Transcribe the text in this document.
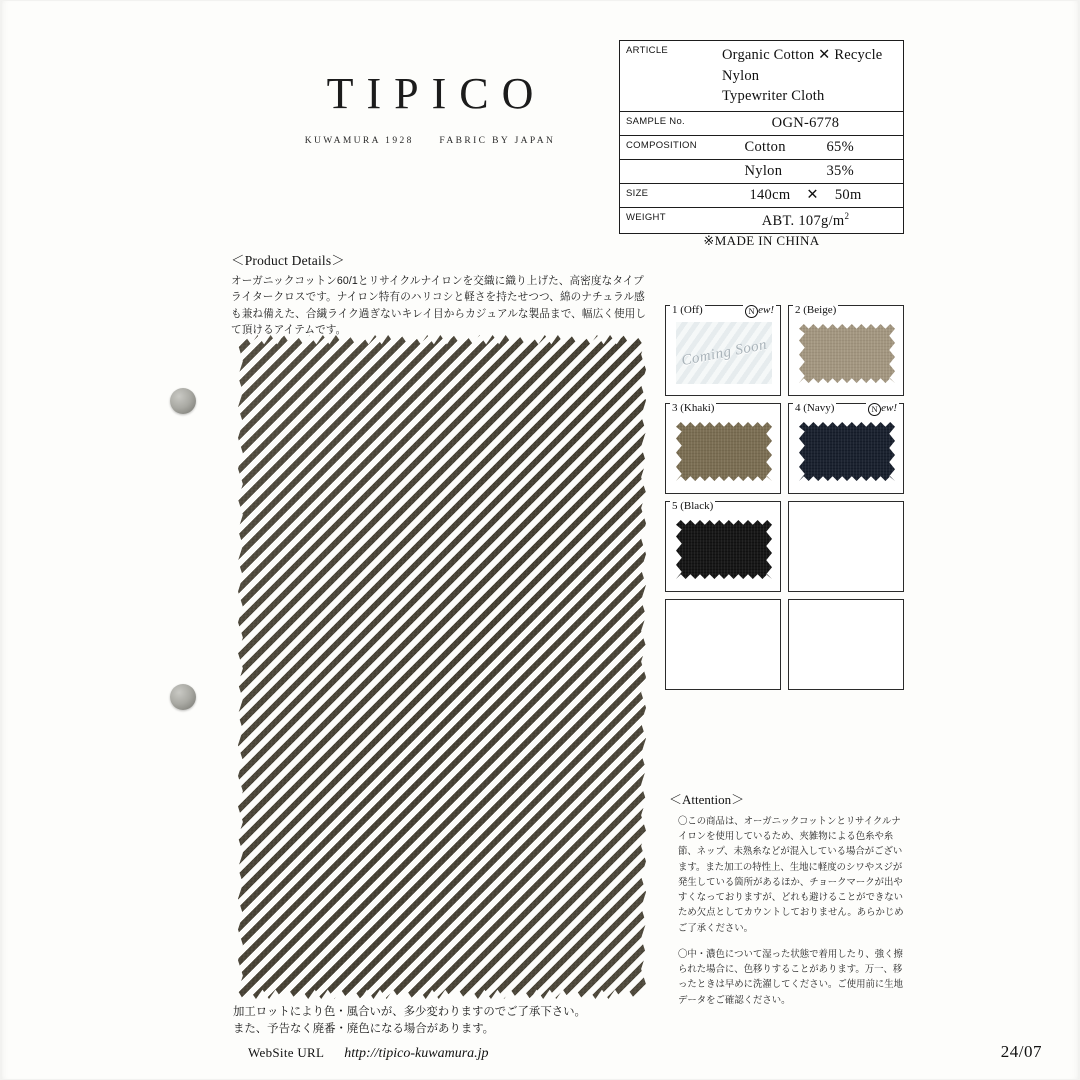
TIPICO
KUWAMURA 1928	FABRIC BY JAPAN
ARTICLE	Organic Cotton ✕ Recycle Nylon
Typewriter Cloth
SAMPLE No.	OGN-6778
COMPOSITION	Cotton	65%
Nylon	35%
SIZE	140cm ✕ 50m
WEIGHT	ABT. $107g/m^2$
※MADE IN CHINA
＜Product Details＞
オーガニックコットン60/1とリサイクルナイロンを交織に織り上げた、高密度なタイプライタークロスです。ナイロン特有のハリコシと軽さを持たせつつ、綿のナチュラル感も兼ね備えた、合繊ライク過ぎないキレイ目からカジュアルな製品まで、幅広く使用して頂けるアイテムです。
1 (Off)	N ew!
Coming Soon
2 (Beige)
3 (Khaki)	4 (Navy)	N ew!
5 (Black)
＜Attention＞

〇この商品は、オーガニックコットンとリサイクルナイロンを使用しているため、夾雑物による色糸や糸節、ネップ、未熟糸などが混入している場合がございます。また加工の特性上、生地に軽度のシワやスジが発生している箇所があるほか、チョークマークが出やすくなっておりますが、どれも避けることができないため欠点としてカウントしておりません。あらかじめご了承ください。

〇中・濃色について湿った状態で着用したり、強く擦られた場合に、色移りすることがあります。万一、移ったときは早めに洗濯してください。ご使用前に生地データをご確認ください。

加工ロットにより色・風合いが、多少変わりますのでご了承下さい。
また、予告なく廃番・廃色になる場合があります。
WebSite URL http://tipico-kuwamura.jp	24/07
